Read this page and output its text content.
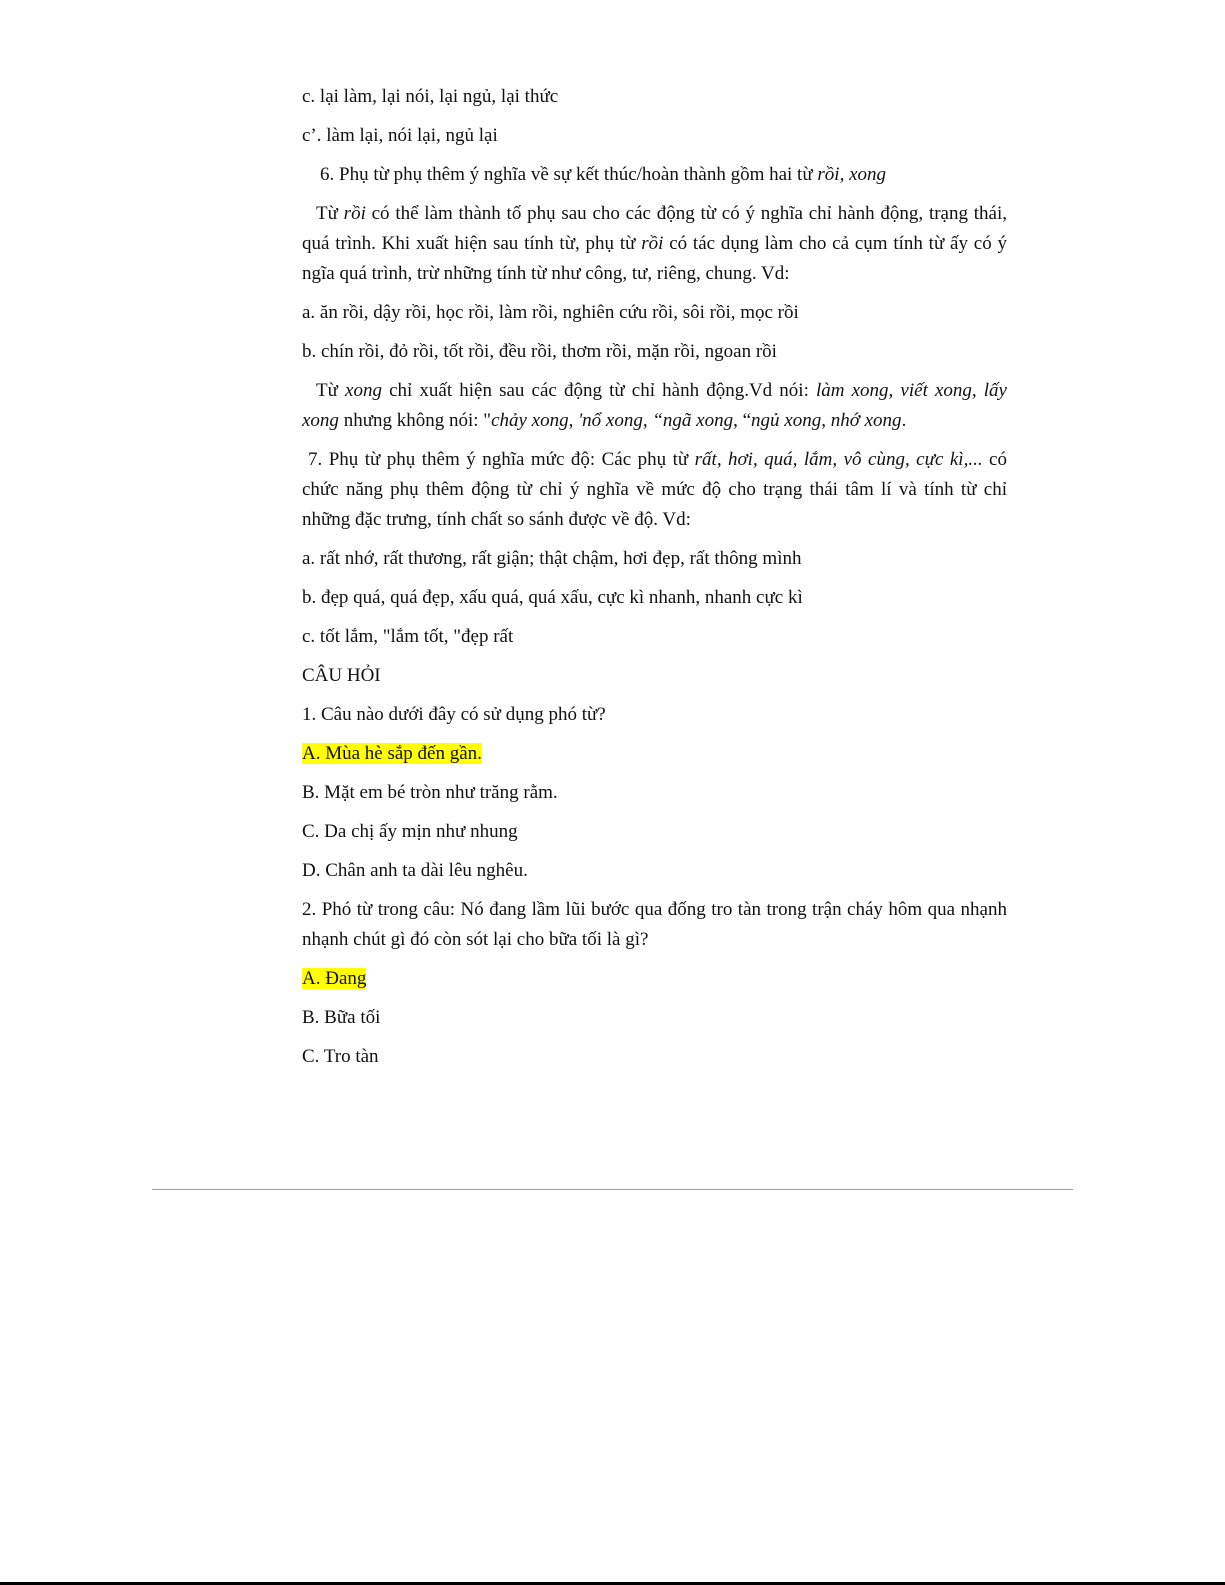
c. lại làm, lại nói, lại ngủ, lại thức

c’. làm lại, nói lại, ngủ lại

6. Phụ từ phụ thêm ý nghĩa về sự kết thúc/hoàn thành gồm hai từ rồi, xong

Từ rồi có thể làm thành tố phụ sau cho các động từ có ý nghĩa chỉ hành động, trạng thái, quá trình. Khi xuất hiện sau tính từ, phụ từ rồi có tác dụng làm cho cả cụm tính từ ấy có ý ngĩa quá trình, trừ những tính từ như công, tư, riêng, chung. Vd:

a. ăn rồi, dậy rồi, học rồi, làm rồi, nghiên cứu rồi, sôi rồi, mọc rồi

b. chín rồi, đỏ rồi, tốt rồi, đều rồi, thơm rồi, mặn rồi, ngoan rồi

Từ xong chỉ xuất hiện sau các động từ chỉ hành động.Vd nói: làm xong, viết xong, lấy xong nhưng không nói: "chảy xong, 'nổ xong, “ngã xong, “ngủ xong, nhớ xong.

7. Phụ từ phụ thêm ý nghĩa mức độ: Các phụ từ rất, hơi, quá, lắm, vô cùng, cực kì,... có chức năng phụ thêm động từ chỉ ý nghĩa về mức độ cho trạng thái tâm lí và tính từ chỉ những đặc trưng, tính chất so sánh được về độ. Vd:

a. rất nhớ, rất thương, rất giận; thật chậm, hơi đẹp, rất thông mình

b. đẹp quá, quá đẹp, xấu quá, quá xấu, cực kì nhanh, nhanh cực kì

c. tốt lắm, "lắm tốt, "đẹp rất

CÂU HỎI

1. Câu nào dưới đây có sử dụng phó từ?

A. Mùa hè sắp đến gần.

B. Mặt em bé tròn như trăng rằm.

C. Da chị ấy mịn như nhung

D. Chân anh ta dài lêu nghêu.

2. Phó từ trong câu: Nó đang lầm lũi bước qua đống tro tàn trong trận cháy hôm qua nhạnh nhạnh chút gì đó còn sót lại cho bữa tối là gì?

A. Đang

B. Bữa tối

C. Tro tàn
